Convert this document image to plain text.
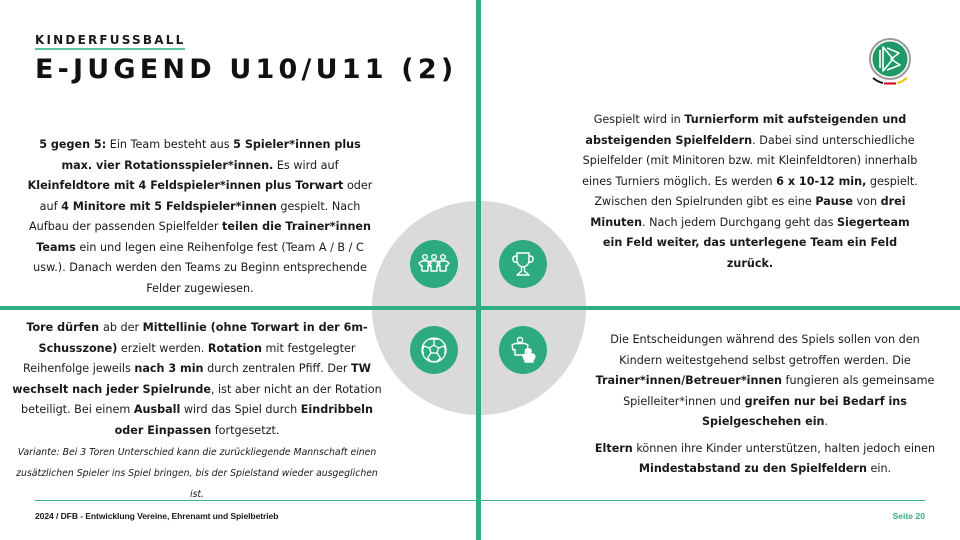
KINDERFUSSBALL
E-JUGEND U10/U11 (2)
5 gegen 5: Ein Team besteht aus 5 Spieler*innen plus max. vier Rotationsspieler*innen. Es wird auf Kleinfeldtore mit 4 Feldspieler*innen plus Torwart oder auf 4 Minitore mit 5 Feldspieler*innen gespielt. Nach Aufbau der passenden Spielfelder teilen die Trainer*innen Teams ein und legen eine Reihenfolge fest (Team A / B / C usw.). Danach werden den Teams zu Beginn entsprechende Felder zugewiesen.
Gespielt wird in Turnierform mit aufsteigenden und absteigenden Spielfeldern. Dabei sind unterschiedliche Spielfelder (mit Minitoren bzw. mit Kleinfeldtoren) innerhalb eines Turniers möglich. Es werden 6 x 10-12 min, gespielt. Zwischen den Spielrunden gibt es eine Pause von drei Minuten. Nach jedem Durchgang geht das Siegerteam ein Feld weiter, das unterlegene Team ein Feld zurück.
Tore dürfen ab der Mittellinie (ohne Torwart in der 6m-Schusszone) erzielt werden. Rotation mit festgelegter Reihenfolge jeweils nach 3 min durch zentralen Pfiff. Der TW wechselt nach jeder Spielrunde, ist aber nicht an der Rotation beteiligt. Bei einem Ausball wird das Spiel durch Eindribbeln oder Einpassen fortgesetzt.
Variante: Bei 3 Toren Unterschied kann die zurückliegende Mannschaft einen zusätzlichen Spieler ins Spiel bringen, bis der Spielstand wieder ausgeglichen ist.
Die Entscheidungen während des Spiels sollen von den Kindern weitestgehend selbst getroffen werden. Die Trainer*innen/Betreuer*innen fungieren als gemeinsame Spielleiter*innen und greifen nur bei Bedarf ins Spielgeschehen ein.
Eltern können ihre Kinder unterstützen, halten jedoch einen Mindestabstand zu den Spielfeldern ein.
2024 / DFB - Entwicklung Vereine, Ehrenamt und Spielbetrieb	Seite 20
